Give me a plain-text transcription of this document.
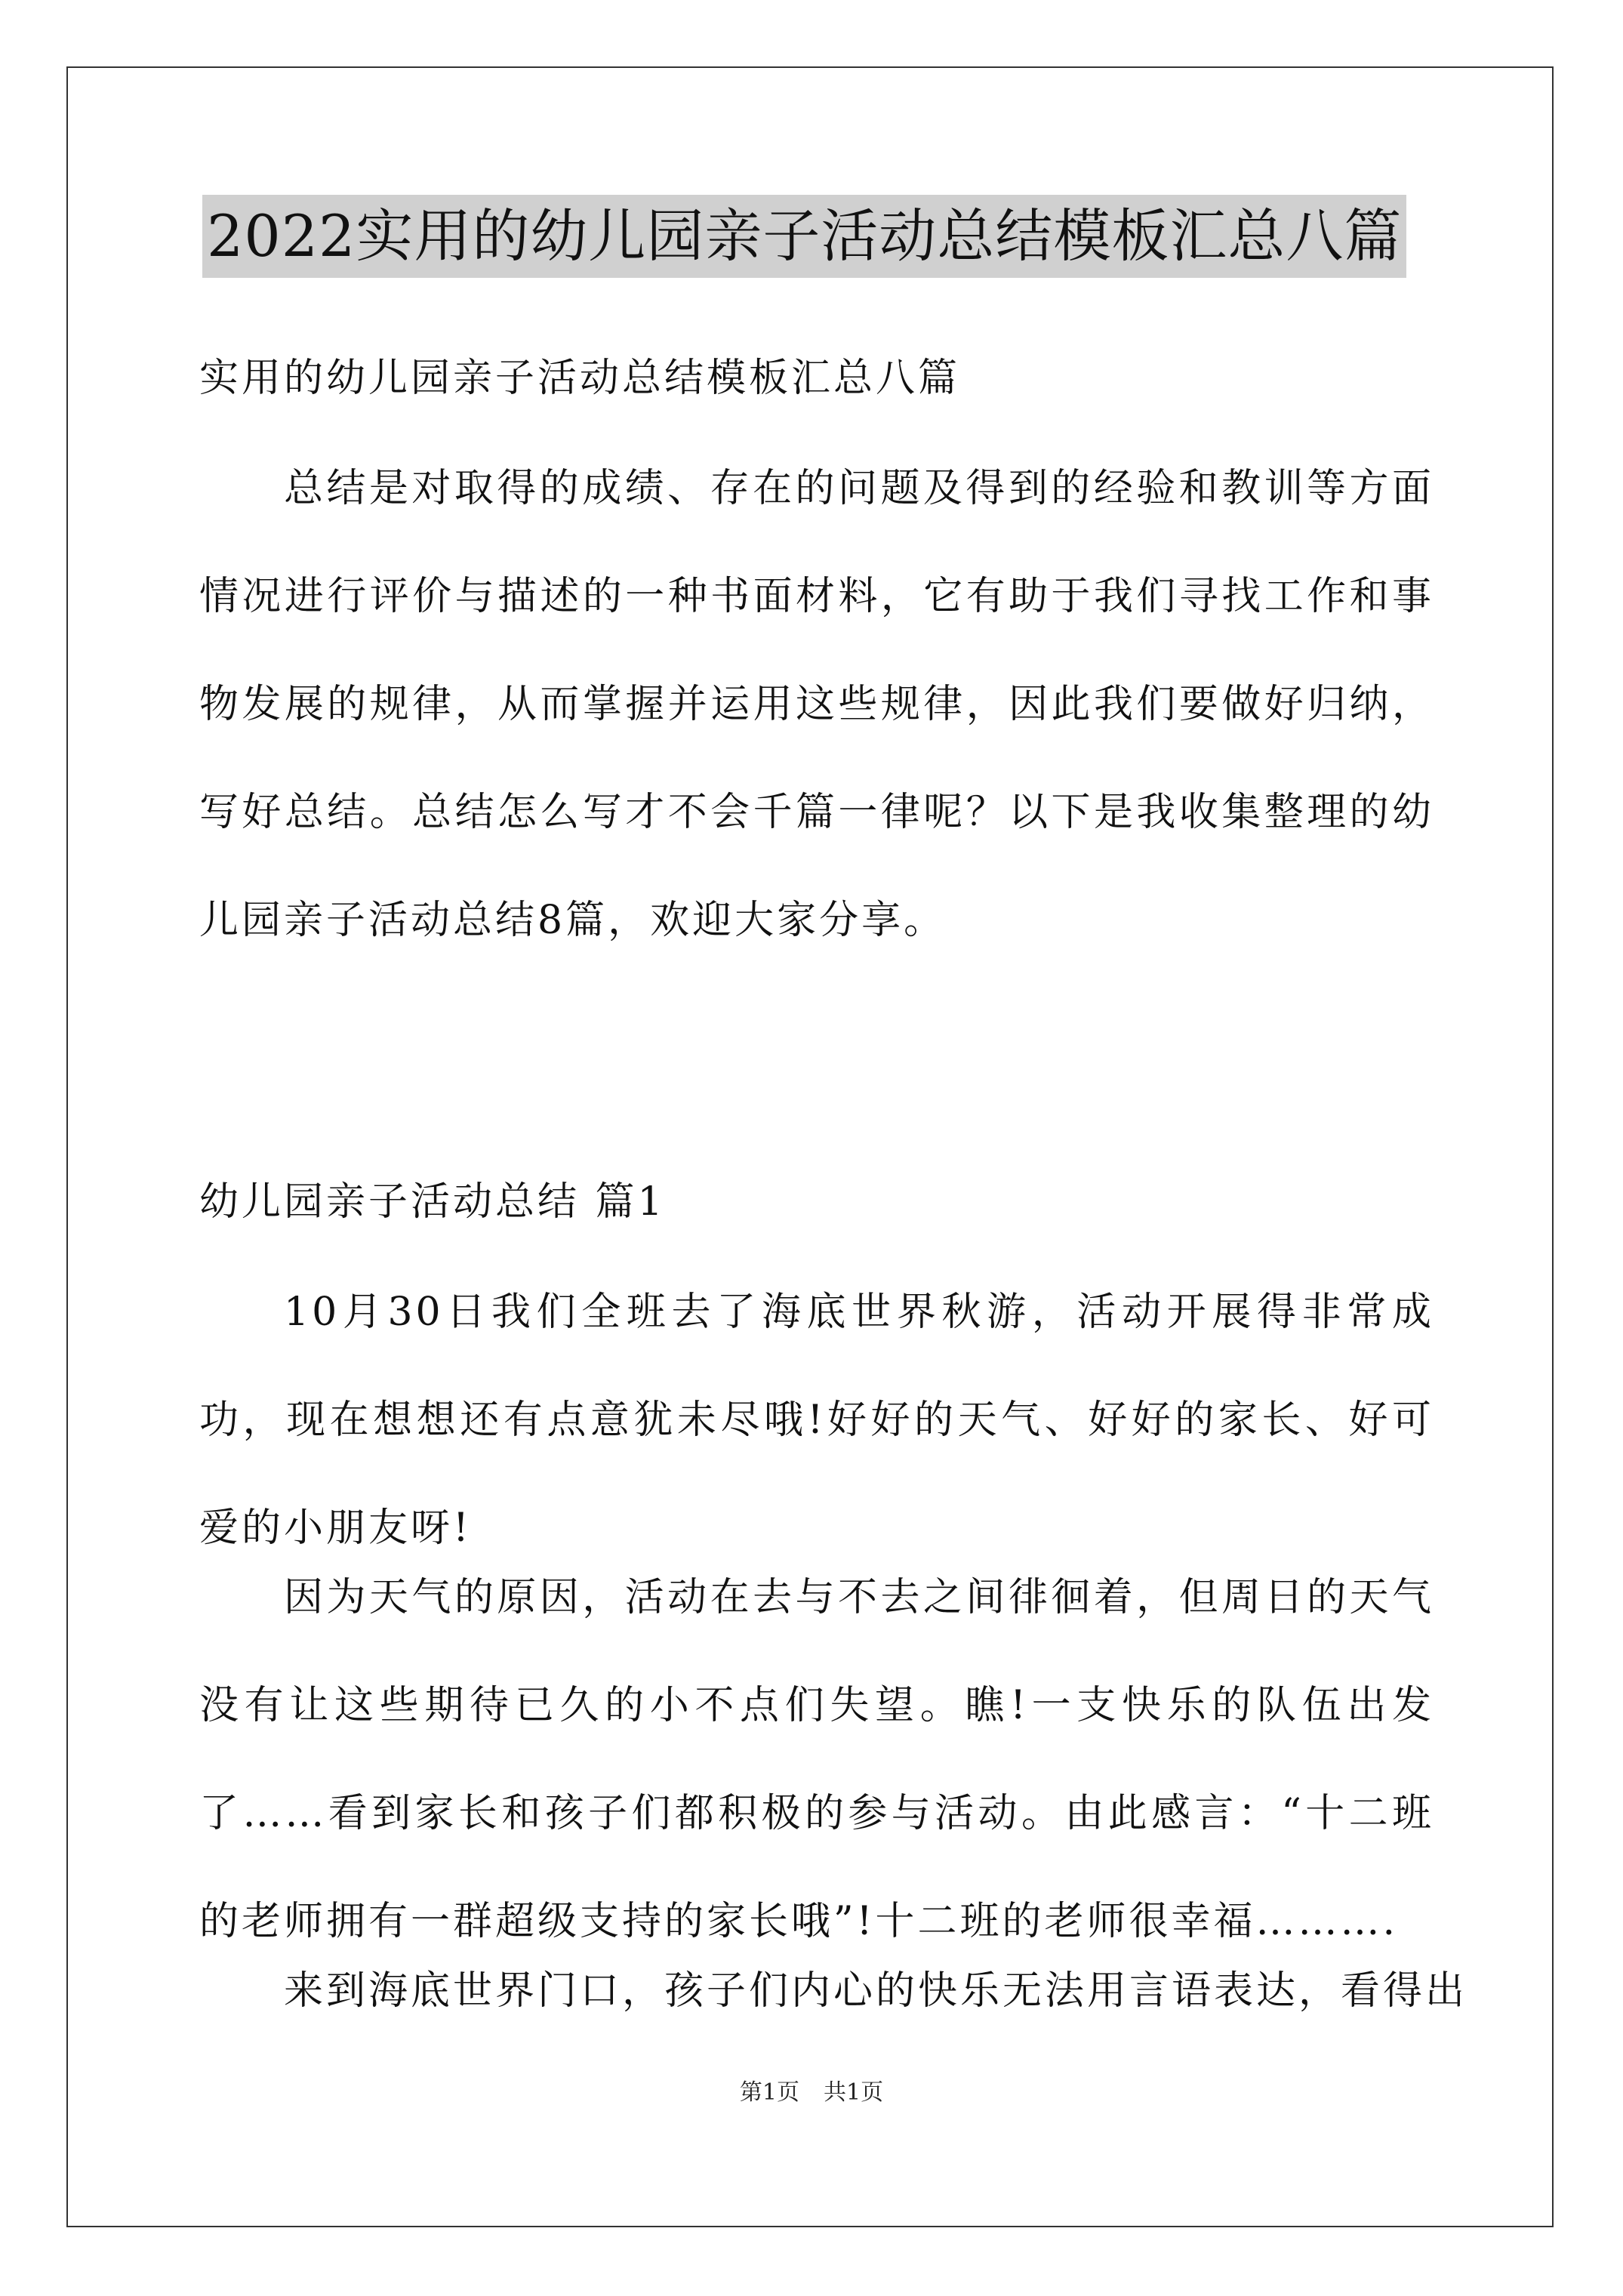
2022实用的幼儿园亲子活动总结模板汇总八篇

实用的幼儿园亲子活动总结模板汇总八篇

总结是对取得的成绩、存在的问题及得到的经验和教训等方面情况进行评价与描述的一种书面材料，它有助于我们寻找工作和事物发展的规律，从而掌握并运用这些规律，因此我们要做好归纳，写好总结。总结怎么写才不会千篇一律呢？以下是我收集整理的幼儿园亲子活动总结8篇，欢迎大家分享。

幼儿园亲子活动总结 篇1

10月30日我们全班去了海底世界秋游，活动开展得非常成功，现在想想还有点意犹未尽哦!好好的天气、好好的家长、好可爱的小朋友呀!

因为天气的原因，活动在去与不去之间徘徊着，但周日的天气没有让这些期待已久的小不点们失望。瞧!一支快乐的队伍出发了……看到家长和孩子们都积极的参与活动。由此感言：“十二班的老师拥有一群超级支持的家长哦”!十二班的老师很幸福……….

来到海底世界门口，孩子们内心的快乐无法用言语表达，看得出

第1页 共1页
